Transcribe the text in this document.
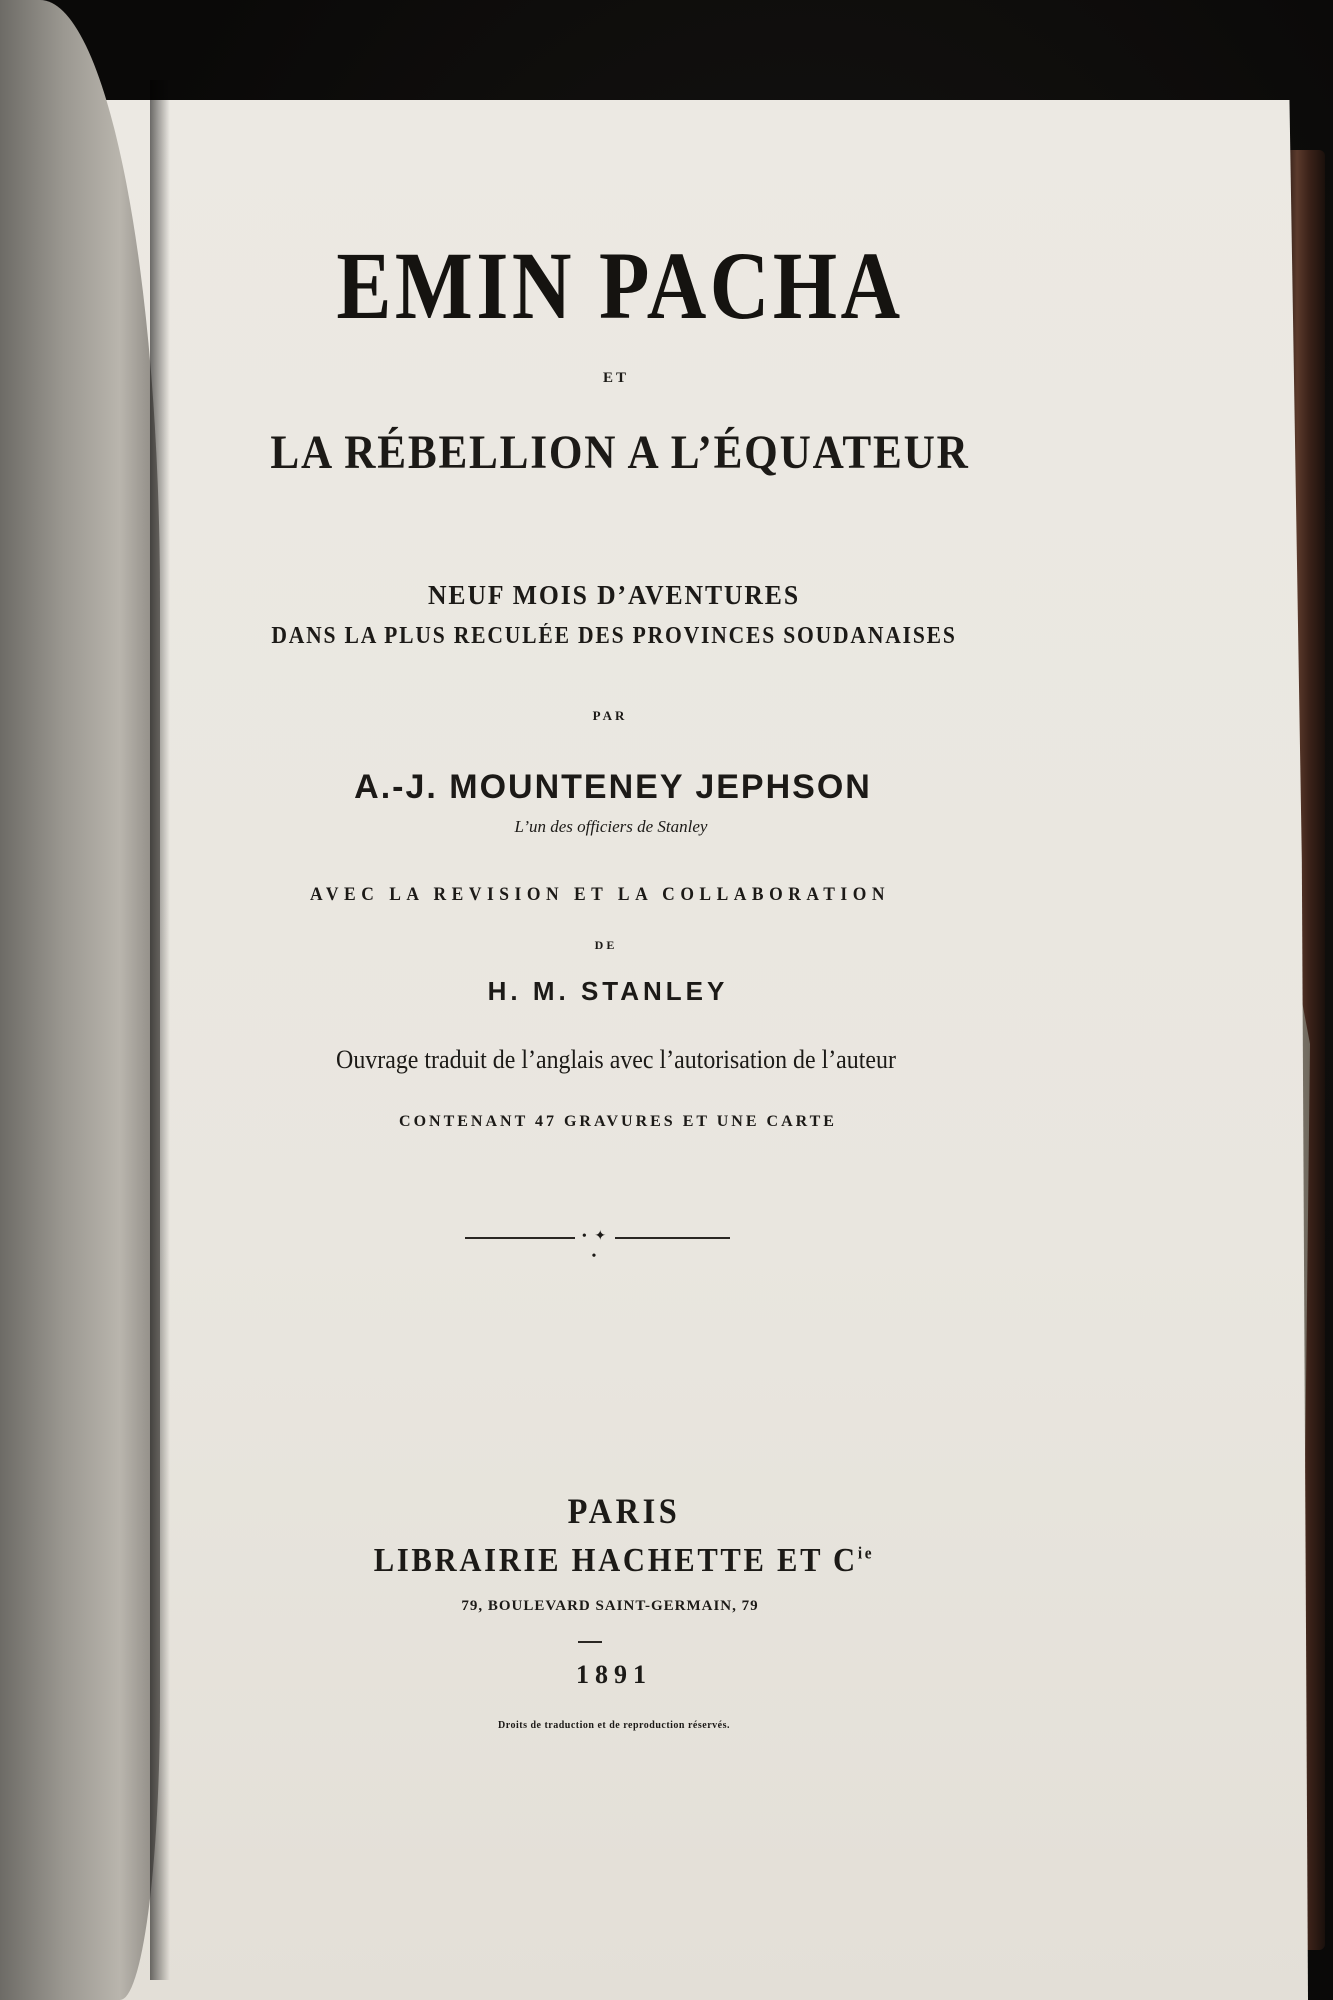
EMIN PACHA
ET
LA RÉBELLION A L’ÉQUATEUR
NEUF MOIS D’AVENTURES
DANS LA PLUS RECULÉE DES PROVINCES SOUDANAISES
PAR
A.-J. MOUNTENEY JEPHSON
L’un des officiers de Stanley
AVEC LA REVISION ET LA COLLABORATION
DE
H. M. STANLEY
Ouvrage traduit de l’anglais avec l’autorisation de l’auteur
CONTENANT 47 GRAVURES ET UNE CARTE
• ✦ •
PARIS
LIBRAIRIE HACHETTE ET $C^{ie}$
79, BOULEVARD SAINT-GERMAIN, 79
1891
Droits de traduction et de reproduction réservés.
